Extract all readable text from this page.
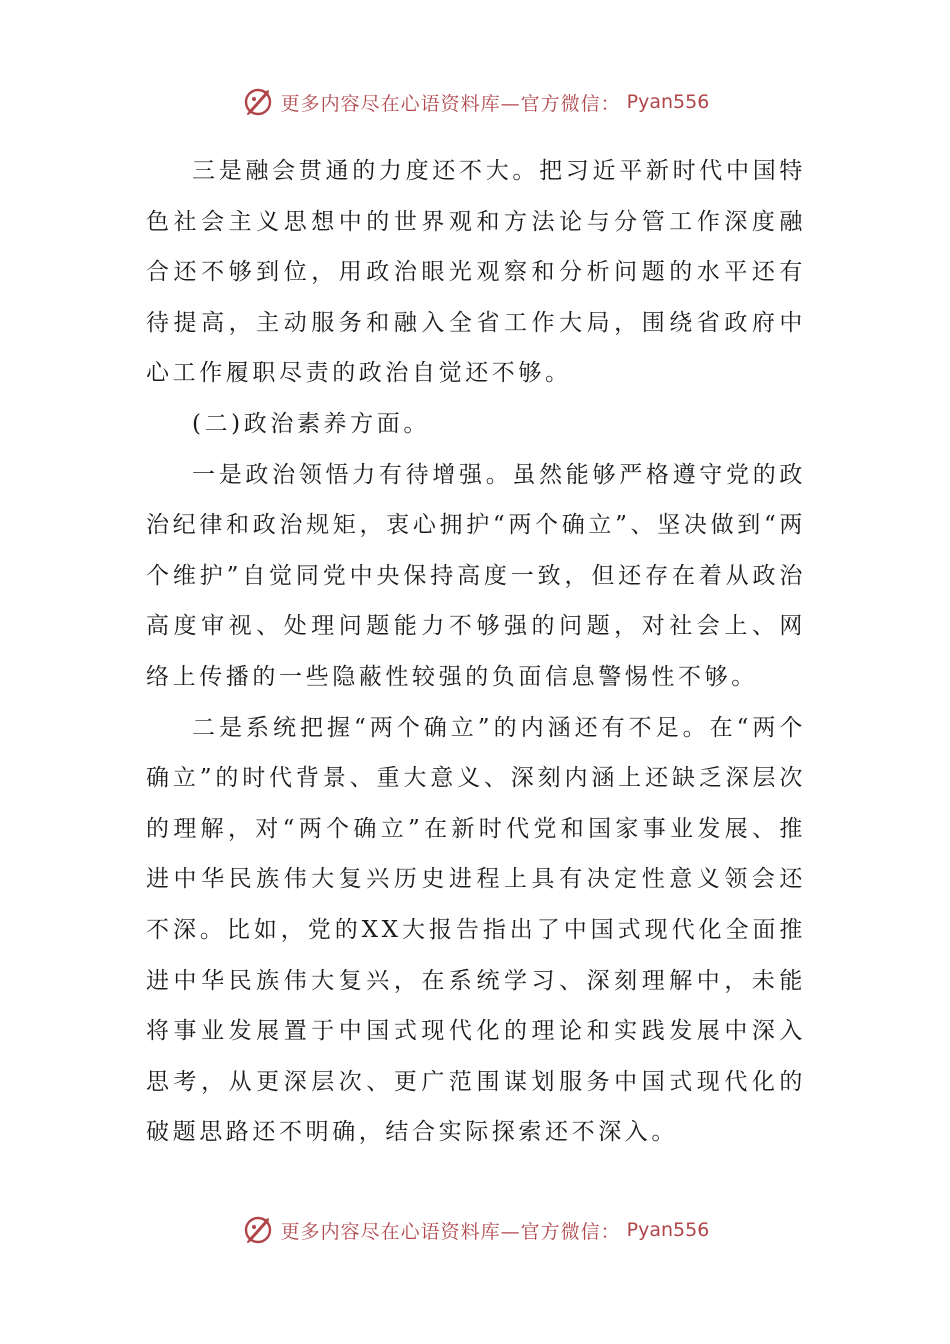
更多内容尽在心语资料库—官方微信： Pyan556

三是融会贯通的力度还不大。把习近平新时代中国特色社会主义思想中的世界观和方法论与分管工作深度融合还不够到位，用政治眼光观察和分析问题的水平还有待提高，主动服务和融入全省工作大局，围绕省政府中心工作履职尽责的政治自觉还不够。

(二)政治素养方面。

一是政治领悟力有待增强。虽然能够严格遵守党的政治纪律和政治规矩，衷心拥护“两个确立”、坚决做到“两个维护”自觉同党中央保持高度一致，但还存在着从政治高度审视、处理问题能力不够强的问题，对社会上、网络上传播的一些隐蔽性较强的负面信息警惕性不够。

二是系统把握“两个确立”的内涵还有不足。在“两个确立”的时代背景、重大意义、深刻内涵上还缺乏深层次的理解，对“两个确立”在新时代党和国家事业发展、推进中华民族伟大复兴历史进程上具有决定性意义领会还不深。比如，党的XX大报告指出了中国式现代化全面推进中华民族伟大复兴，在系统学习、深刻理解中，未能将事业发展置于中国式现代化的理论和实践发展中深入思考，从更深层次、更广范围谋划服务中国式现代化的破题思路还不明确，结合实际探索还不深入。

更多内容尽在心语资料库—官方微信： Pyan556
